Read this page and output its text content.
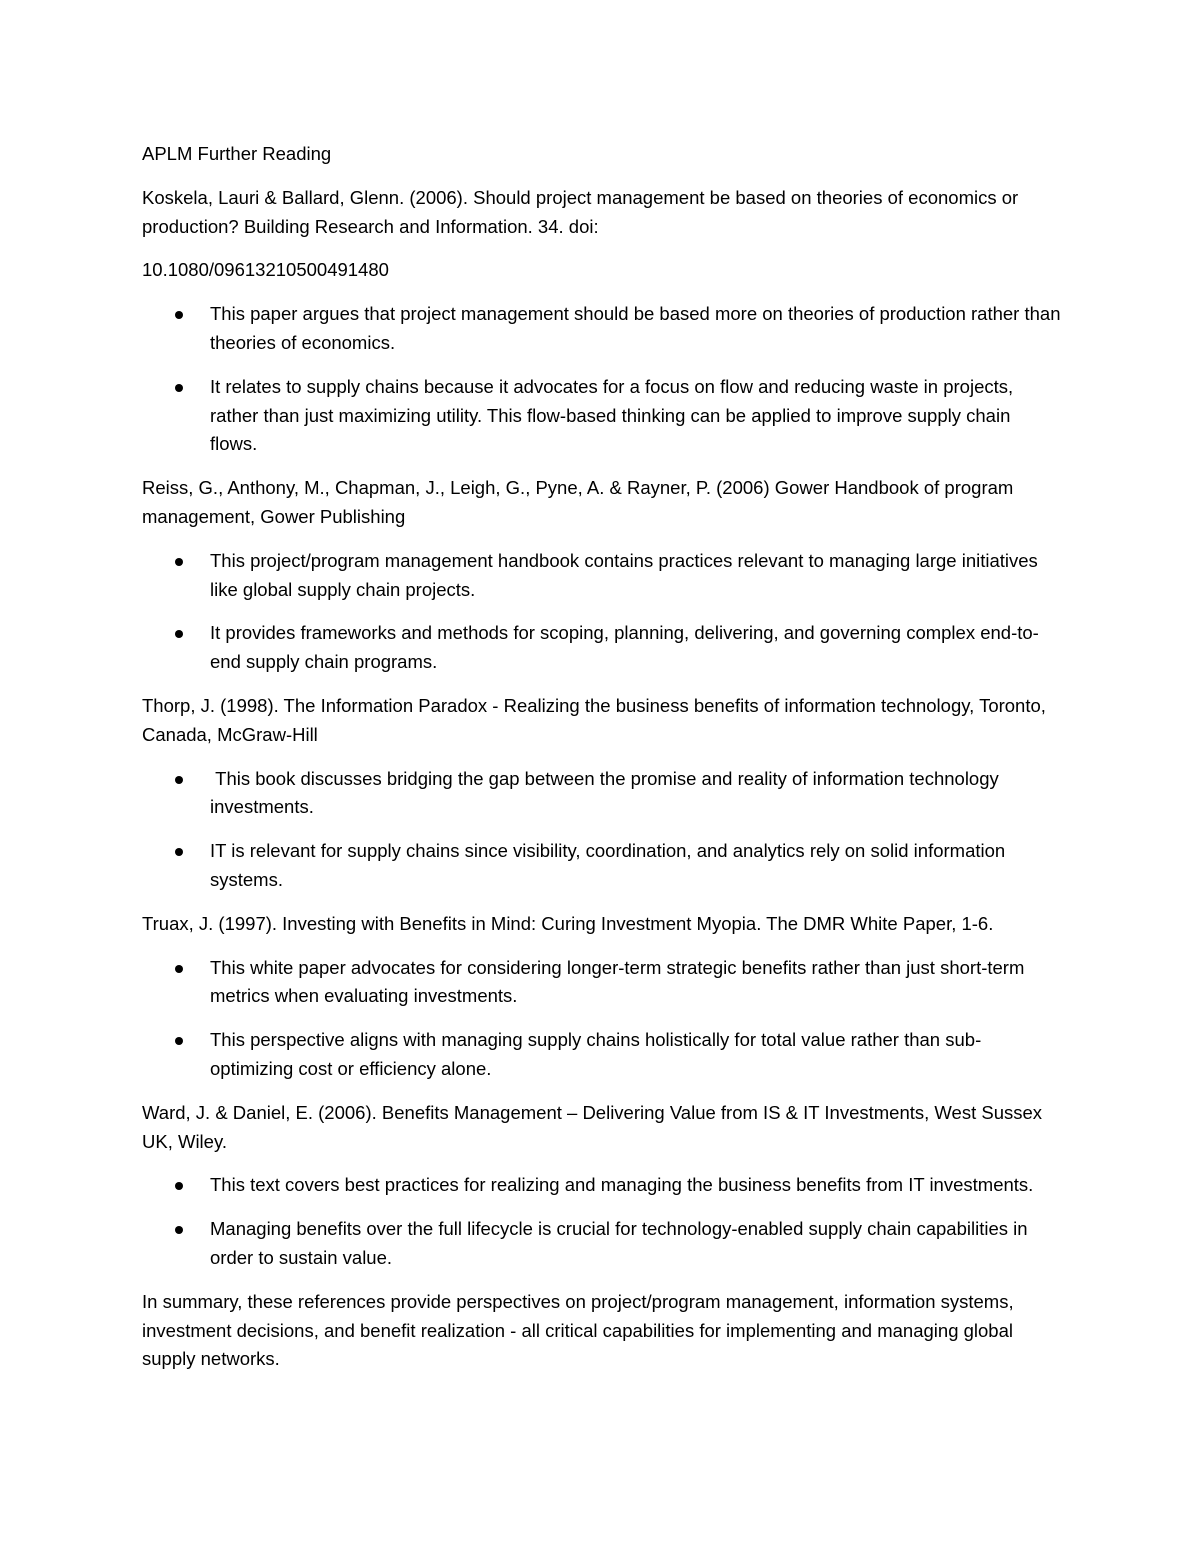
APLM Further Reading

Koskela, Lauri & Ballard, Glenn. (2006). Should project management be based on theories of economics or production? Building Research and Information. 34. doi:

10.1080/09613210500491480

This paper argues that project management should be based more on theories of production rather than theories of economics.
It relates to supply chains because it advocates for a focus on flow and reducing waste in projects, rather than just maximizing utility. This flow-based thinking can be applied to improve supply chain flows.

Reiss, G., Anthony, M., Chapman, J., Leigh, G., Pyne, A. & Rayner, P. (2006) Gower Handbook of program management, Gower Publishing

This project/program management handbook contains practices relevant to managing large initiatives like global supply chain projects.
It provides frameworks and methods for scoping, planning, delivering, and governing complex end-to-end supply chain programs.

Thorp, J. (1998). The Information Paradox - Realizing the business benefits of information technology, Toronto, Canada, McGraw-Hill

This book discusses bridging the gap between the promise and reality of information technology investments.
IT is relevant for supply chains since visibility, coordination, and analytics rely on solid information systems.

Truax, J. (1997). Investing with Benefits in Mind: Curing Investment Myopia. The DMR White Paper, 1-6.

This white paper advocates for considering longer-term strategic benefits rather than just short-term metrics when evaluating investments.
This perspective aligns with managing supply chains holistically for total value rather than sub-optimizing cost or efficiency alone.

Ward, J. & Daniel, E. (2006). Benefits Management – Delivering Value from IS & IT Investments, West Sussex UK, Wiley.

This text covers best practices for realizing and managing the business benefits from IT investments.
Managing benefits over the full lifecycle is crucial for technology-enabled supply chain capabilities in order to sustain value.

In summary, these references provide perspectives on project/program management, information systems, investment decisions, and benefit realization - all critical capabilities for implementing and managing global supply networks.
